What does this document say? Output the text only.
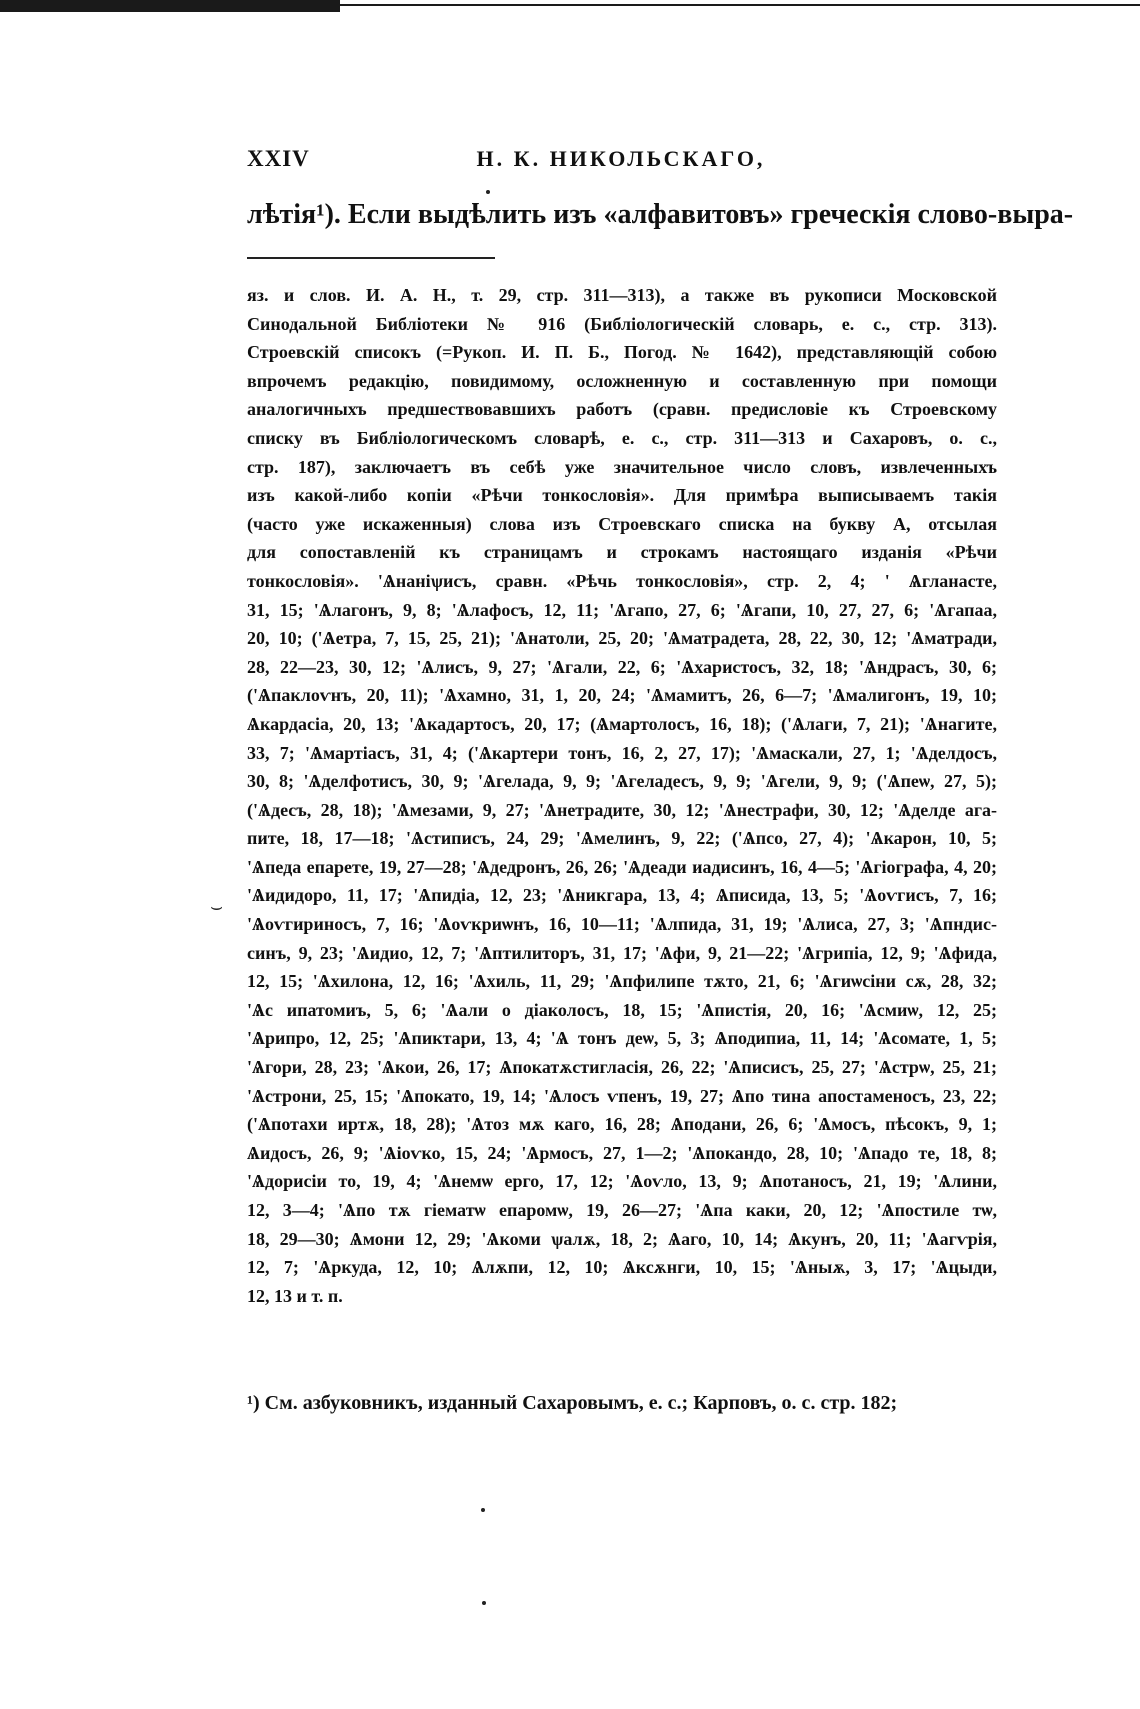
XXIV	Н. К. НИКОЛЬСКАГО,
лѣтія¹). Если выдѣлить изъ «алфавитовъ» греческія слово-выра-
яз. и слов. И. А. Н., т. 29, стр. 311—313), а также въ рукописи Московской
Синодальной Библіотеки № 916 (Библіологическій словарь, е. с., стр. 313).
Строевскій списокъ (=Рукоп. И. П. Б., Погод. № 1642), представляющій собою
впрочемъ редакцію, повидимому, осложненную и составленную при помощи
аналогичныхъ предшествовавшихъ работъ (сравн. предисловіе къ Строевскому
списку въ Библіологическомъ словарѣ, е. с., стр. 311—313 и Сахаровъ, о. с.,
стр. 187), заключаетъ въ себѣ уже значительное число словъ, извлеченныхъ
изъ какой-либо копіи «Рѣчи тонкословія». Для примѣра выписываемъ такія
(часто уже искаженныя) слова изъ Строевскаго списка на букву А, отсылая
для сопоставленій къ страницамъ и строкамъ настоящаго изданія «Рѣчи
тонкословія». 'Ѧнаніѱисъ, сравн. «Рѣчь тонкословія», стр. 2, 4; ' Ѧгланасте,
31, 15; 'Ѧлагонъ, 9, 8; 'Ѧлафосъ, 12, 11; 'Ѧгапо, 27, 6; 'Ѧгапи, 10, 27, 27, 6; 'Ѧгапаа,
20, 10; ('Ѧетра, 7, 15, 25, 21); 'Ѧнатоли, 25, 20; 'Ѧматрадета, 28, 22, 30, 12; 'Ѧматради,
28, 22—23, 30, 12; 'Ѧлисъ, 9, 27; 'Ѧгали, 22, 6; 'Ѧхаристосъ, 32, 18; 'Ѧндрасъ, 30, 6;
('Ѧпаклоѵнъ, 20, 11); 'Ѧхамно, 31, 1, 20, 24; 'Ѧмамитъ, 26, 6—7; 'Ѧмалигонъ, 19, 10;
Ѧкардасіа, 20, 13; 'Ѧкадартосъ, 20, 17; (Ѧмартолосъ, 16, 18); ('Ѧлаги, 7, 21); 'Ѧнагите,
33, 7; 'Ѧмартіасъ, 31, 4; ('Ѧкартери тонъ, 16, 2, 27, 17); 'Ѧмаскали, 27, 1; 'Ѧделдосъ,
30, 8; 'Ѧделфотисъ, 30, 9; 'Ѧгелада, 9, 9; 'Ѧгеладесъ, 9, 9; 'Ѧгели, 9, 9; ('Ѧпеѡ, 27, 5);
('Ѧдесъ, 28, 18); 'Ѧмезами, 9, 27; 'Ѧнетрадите, 30, 12; 'Ѧнестрафи, 30, 12; 'Ѧделде ага-
пите, 18, 17—18; 'Ѧстиписъ, 24, 29; 'Ѧмелинъ, 9, 22; ('Ѧпсо, 27, 4); 'Ѧкарон, 10, 5;
'Ѧпеда епарете, 19, 27—28; 'Ѧдедронъ, 26, 26; 'Ѧдеади иадисинъ, 16, 4—5; 'Ѧгіографа, 4, 20;
'Ѧидидоро, 11, 17; 'Ѧпидіа, 12, 23; 'Ѧникгара, 13, 4; Ѧписида, 13, 5; 'Ѧоѵгисъ, 7, 16;
'Ѧоѵгириносъ, 7, 16; 'Ѧоѵкриѡнъ, 16, 10—11; 'Ѧлпида, 31, 19; 'Ѧлиса, 27, 3; 'Ѧпндис-
синъ, 9, 23; 'Ѧидио, 12, 7; 'Ѧптилиторъ, 31, 17; 'Ѧфи, 9, 21—22; 'Ѧгрипіа, 12, 9; 'Ѧфида,
12, 15; 'Ѧхилона, 12, 16; 'Ѧхиль, 11, 29; 'Ѧпфилипе тѫто, 21, 6; 'Ѧгиѡсіни сѫ, 28, 32;
'Ѧс ипатомиъ, 5, 6; 'Ѧали о діаколосъ, 18, 15; 'Ѧпистія, 20, 16; 'Ѧсмиѡ, 12, 25;
'Ѧрипро, 12, 25; 'Ѧпиктари, 13, 4; 'Ѧ тонъ деѡ, 5, 3; Ѧподипиа, 11, 14; 'Ѧсомате, 1, 5;
'Ѧгори, 28, 23; 'Ѧкои, 26, 17; Ѧпокатѫстигласія, 26, 22; 'Ѧписисъ, 25, 27; 'Ѧстрѡ, 25, 21;
'Ѧстрони, 25, 15; 'Ѧпокато, 19, 14; 'Ѧлосъ ѵпенъ, 19, 27; Ѧпо тина апостаменосъ, 23, 22;
('Ѧпотахи иртѫ, 18, 28); 'Ѧтоз мѫ каго, 16, 28; Ѧподани, 26, 6; 'Ѧмосъ, пѣсокъ, 9, 1;
Ѧидосъ, 26, 9; 'Ѧіоѵко, 15, 24; 'Ѧрмосъ, 27, 1—2; 'Ѧпокандо, 28, 10; 'Ѧпадо те, 18, 8;
'Ѧдорисіи то, 19, 4; 'Ѧнемѡ ерго, 17, 12; 'Ѧоѵло, 13, 9; Ѧпотаносъ, 21, 19; 'Ѧлини,
12, 3—4; 'Ѧпо тѫ гіематѡ епаромѡ, 19, 26—27; 'Ѧпа каки, 20, 12; 'Ѧпостиле тѡ,
18, 29—30; Ѧмони 12, 29; 'Ѧкоми ѱалѫ, 18, 2; Ѧаго, 10, 14; Ѧкунъ, 20, 11; 'Ѧагѵрія,
12, 7; 'Ѧркуда, 12, 10; Ѧлѫпи, 12, 10; Ѧксѫнги, 10, 15; 'Ѧныѫ, 3, 17; 'Ѧцыди,
12, 13 и т. п.
⌣
¹) См. азбуковникъ, изданный Сахаровымъ, е. с.; Карповъ, о. с. стр. 182;
